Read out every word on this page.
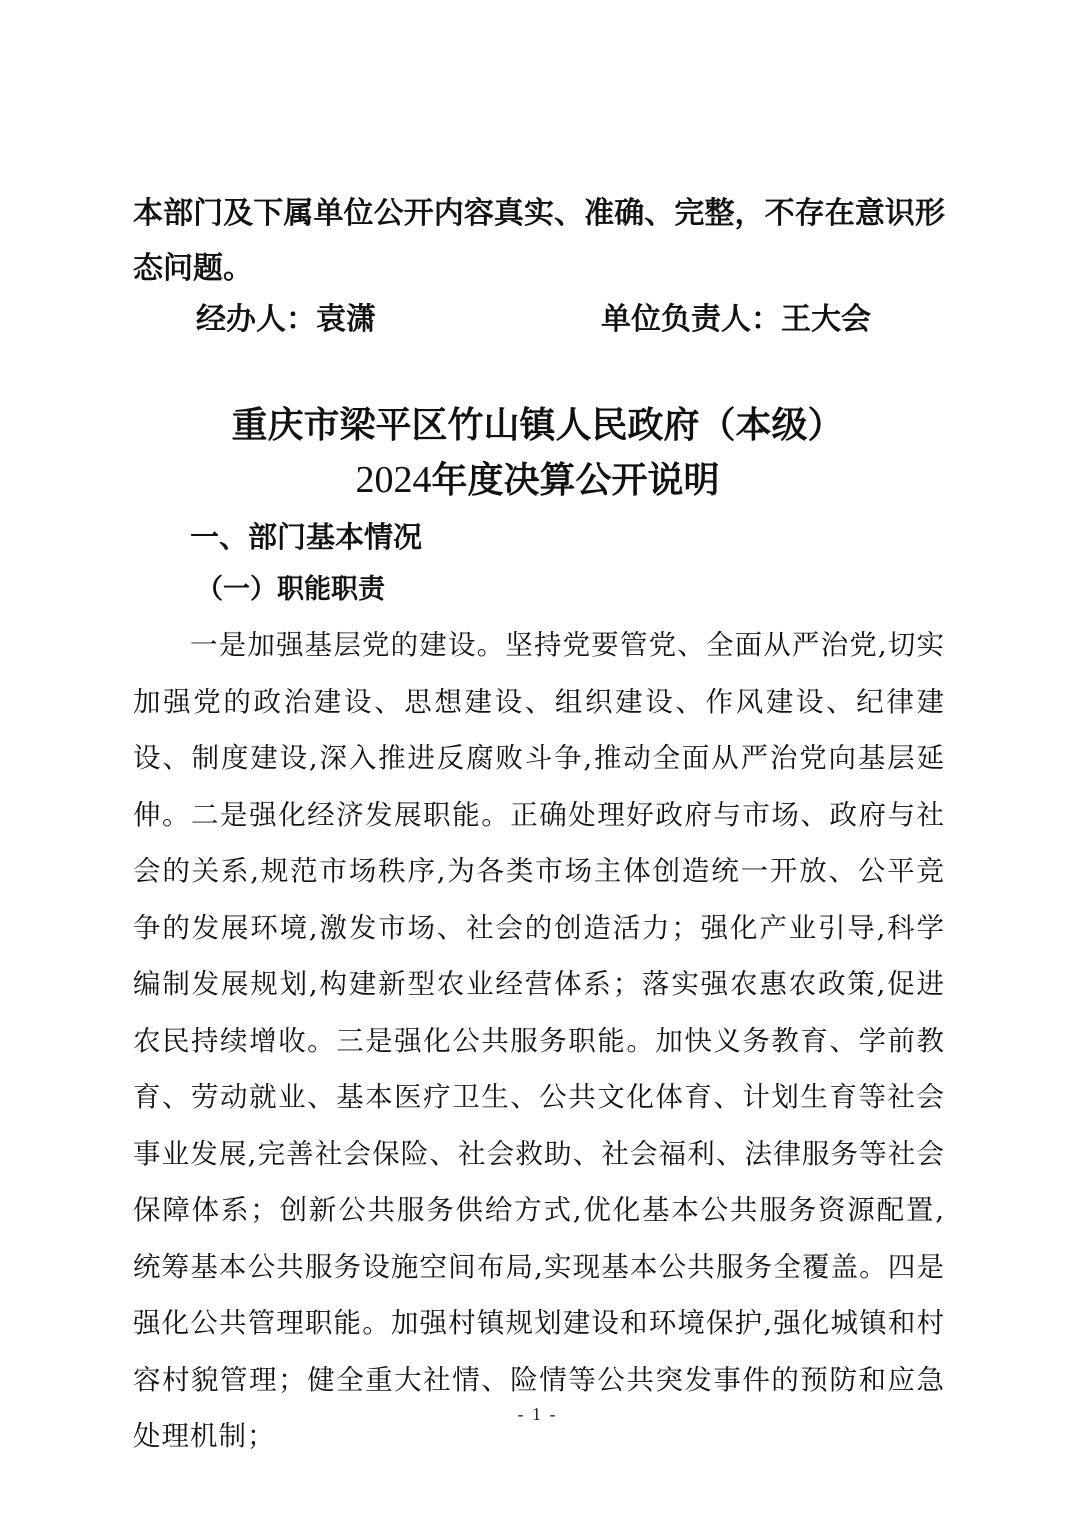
本部门及下属单位公开内容真实、准确、完整，不存在意识形态问题。
经办人：袁潇	单位负责人：王大会
重庆市梁平区竹山镇人民政府（本级）
2024年度决算公开说明
一、部门基本情况
（一）职能职责
一是加强基层党的建设。坚持党要管党、全面从严治党,切实加强党的政治建设、思想建设、组织建设、作风建设、纪律建设、制度建设,深入推进反腐败斗争,推动全面从严治党向基层延伸。二是强化经济发展职能。正确处理好政府与市场、政府与社会的关系,规范市场秩序,为各类市场主体创造统一开放、公平竞争的发展环境,激发市场、社会的创造活力；强化产业引导,科学编制发展规划,构建新型农业经营体系；落实强农惠农政策,促进农民持续增收。三是强化公共服务职能。加快义务教育、学前教育、劳动就业、基本医疗卫生、公共文化体育、计划生育等社会事业发展,完善社会保险、社会救助、社会福利、法律服务等社会保障体系；创新公共服务供给方式,优化基本公共服务资源配置,统筹基本公共服务设施空间布局,实现基本公共服务全覆盖。四是强化公共管理职能。加强村镇规划建设和环境保护,强化城镇和村容村貌管理；健全重大社情、险情等公共突发事件的预防和应急处理机制；
- 1 -
